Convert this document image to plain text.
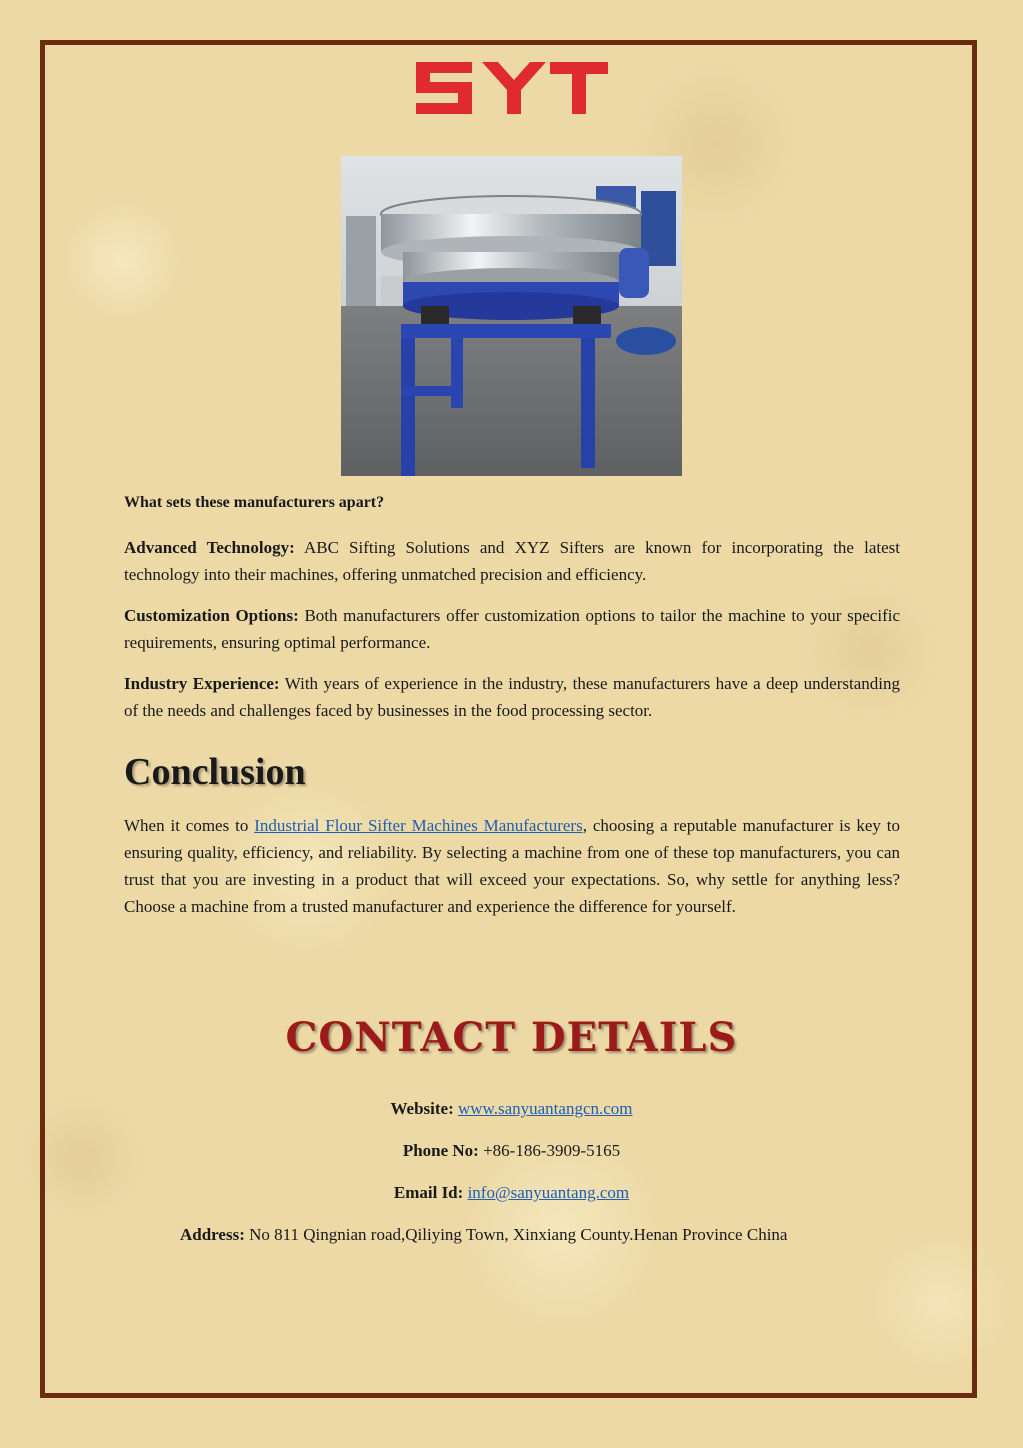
What sets these manufacturers apart?

Advanced Technology: ABC Sifting Solutions and XYZ Sifters are known for incorporating the latest technology into their machines, offering unmatched precision and efficiency.

Customization Options: Both manufacturers offer customization options to tailor the machine to your specific requirements, ensuring optimal performance.

Industry Experience: With years of experience in the industry, these manufacturers have a deep understanding of the needs and challenges faced by businesses in the food processing sector.

Conclusion

When it comes to Industrial Flour Sifter Machines Manufacturers, choosing a reputable manufacturer is key to ensuring quality, efficiency, and reliability. By selecting a machine from one of these top manufacturers, you can trust that you are investing in a product that will exceed your expectations. So, why settle for anything less? Choose a machine from a trusted manufacturer and experience the difference for yourself.

CONTACT DETAILS
Website: www.sanyuantangcn.com
Phone No: +86-186-3909-5165
Email Id: info@sanyuantang.com
Address: No 811 Qingnian road,Qiliying Town, Xinxiang County.Henan Province China
